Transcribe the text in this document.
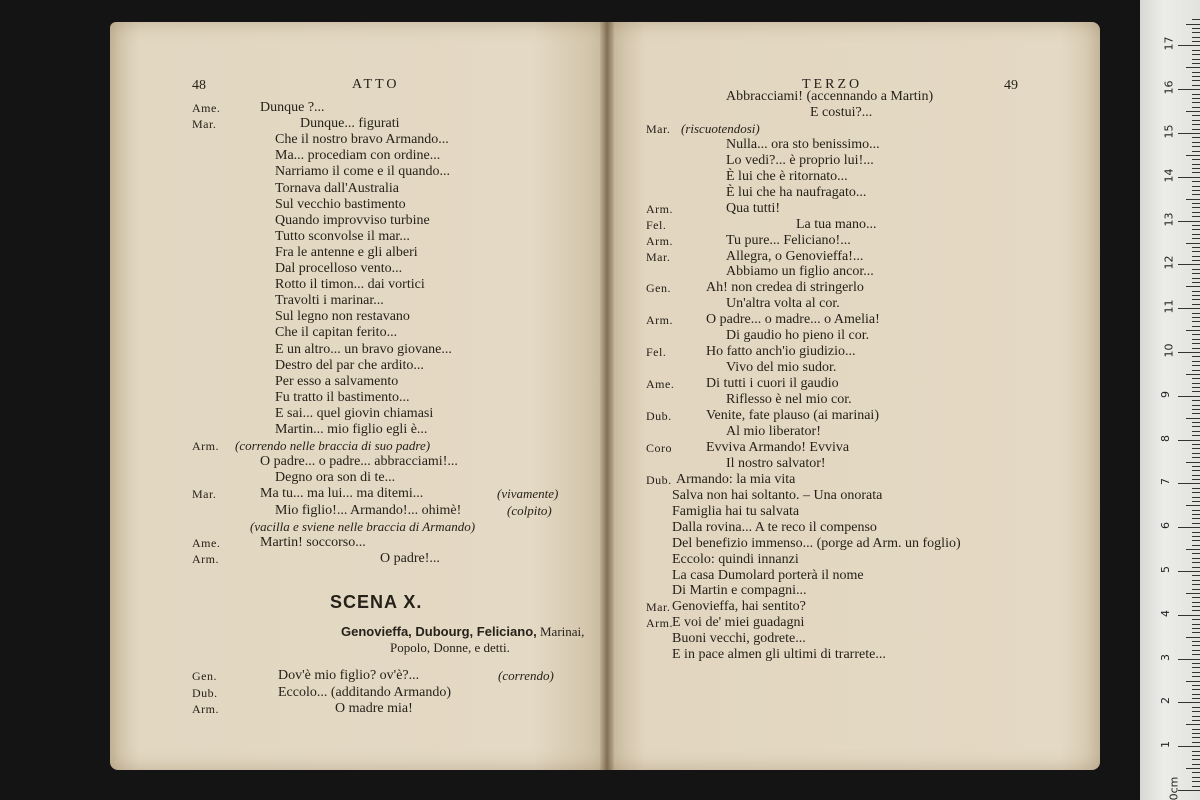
48	ATTO
Ame.	Dunque ?...
Mar.	Dunque... figurati
Che il nostro bravo Armando...
Ma... procediam con ordine...
Narriamo il come e il quando...
Tornava dall'Australia
Sul vecchio bastimento
Quando improvviso turbine
Tutto sconvolse il mar...
Fra le antenne e gli alberi
Dal procelloso vento...
Rotto il timon... dai vortici
Travolti i marinar...
Sul legno non restavano
Che il capitan ferito...
E un altro... un bravo giovane...
Destro del par che ardito...
Per esso a salvamento
Fu tratto il bastimento...
E sai... quel giovin chiamasi
Martin... mio figlio egli è...
Arm. (correndo nelle braccia di suo padre)
O padre... o padre... abbracciami!...
Degno ora son di te...
Mar.	Ma tu... ma lui... ma ditemi...	(vivamente)
Mio figlio!... Armando!... ohimè!	(colpito)
(vacilla e sviene nelle braccia di Armando)
Ame.	Martin! soccorso...
Arm.	O padre!...
SCENA X.
Genovieffa, Dubourg, Feliciano, Marinai,
Popolo, Donne, e detti.
Gen.	Dov'è mio figlio? ov'è?...	(correndo)
Dub.	Eccolo... (additando Armando)
Arm.	O madre mia!
TERZO	49
Abbracciami! (accennando a Martin)
E costui?...
Mar. (riscuotendosi)
Nulla... ora sto benissimo...
Lo vedi?... è proprio lui!...
È lui che è ritornato...
È lui che ha naufragato...
Arm.	Qua tutti!
Fel.	La tua mano...
Arm.	Tu pure... Feliciano!...
Mar.	Allegra, o Genovieffa!...
Abbiamo un figlio ancor...
Gen.	Ah! non credea di stringerlo
Un'altra volta al cor.
Arm. O padre... o madre... o Amelia!
Di gaudio ho pieno il cor.
Fel.	Ho fatto anch'io giudizio...
Vivo del mio sudor.
Ame. Di tutti i cuori il gaudio
Riflesso è nel mio cor.
Dub. Venite, fate plauso (ai marinai)
Al mio liberator!
Coro Evviva Armando! Evviva
Il nostro salvator!
Dub. Armando: la mia vita
Salva non hai soltanto. – Una onorata
Famiglia hai tu salvata
Dalla rovina... A te reco il compenso
Del benefizio immenso... (porge ad Arm. un foglio)
Eccolo: quindi innanzi
La casa Dumolard porterà il nome
Di Martin e compagni...
Mar. Genovieffa, hai sentito?
Arm. E voi de' miei guadagni
Buoni vecchi, godrete...
E in pace almen gli ultimi di trarrete...
0cm
1
2
3
4
5
6
7
8
9
10
11
12
13
14
15
16
17
